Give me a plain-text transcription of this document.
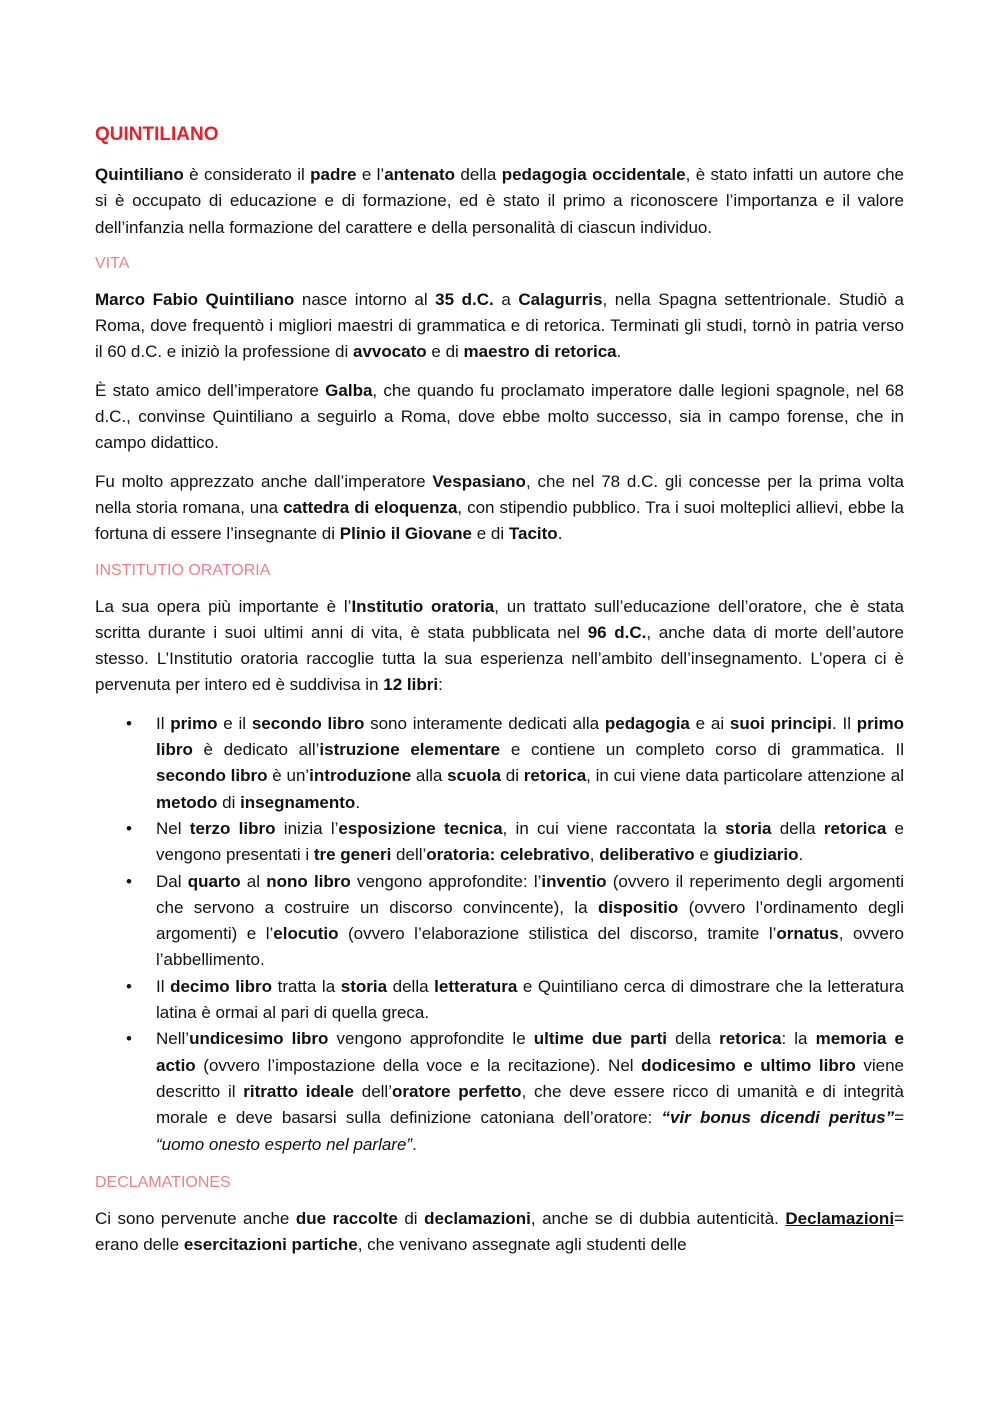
QUINTILIANO

Quintiliano è considerato il padre e l’antenato della pedagogia occidentale, è stato infatti un autore che si è occupato di educazione e di formazione, ed è stato il primo a riconoscere l’importanza e il valore dell’infanzia nella formazione del carattere e della personalità di ciascun individuo.

VITA

Marco Fabio Quintiliano nasce intorno al 35 d.C. a Calagurris, nella Spagna settentrionale. Studiò a Roma, dove frequentò i migliori maestri di grammatica e di retorica. Terminati gli studi, tornò in patria verso il 60 d.C. e iniziò la professione di avvocato e di maestro di retorica.

È stato amico dell’imperatore Galba, che quando fu proclamato imperatore dalle legioni spagnole, nel 68 d.C., convinse Quintiliano a seguirlo a Roma, dove ebbe molto successo, sia in campo forense, che in campo didattico.

Fu molto apprezzato anche dall’imperatore Vespasiano, che nel 78 d.C. gli concesse per la prima volta nella storia romana, una cattedra di eloquenza, con stipendio pubblico. Tra i suoi molteplici allievi, ebbe la fortuna di essere l’insegnante di Plinio il Giovane e di Tacito.

INSTITUTIO ORATORIA

La sua opera più importante è l’Institutio oratoria, un trattato sull’educazione dell’oratore, che è stata scritta durante i suoi ultimi anni di vita, è stata pubblicata nel 96 d.C., anche data di morte dell’autore stesso. L’Institutio oratoria raccoglie tutta la sua esperienza nell’ambito dell’insegnamento. L’opera ci è pervenuta per intero ed è suddivisa in 12 libri:

• Il primo e il secondo libro sono interamente dedicati alla pedagogia e ai suoi principi. Il primo libro è dedicato all’istruzione elementare e contiene un completo corso di grammatica. Il secondo libro è un’introduzione alla scuola di retorica, in cui viene data particolare attenzione al metodo di insegnamento.
• Nel terzo libro inizia l’esposizione tecnica, in cui viene raccontata la storia della retorica e vengono presentati i tre generi dell’oratoria: celebrativo, deliberativo e giudiziario.
• Dal quarto al nono libro vengono approfondite: l’inventio (ovvero il reperimento degli argomenti che servono a costruire un discorso convincente), la dispositio (ovvero l’ordinamento degli argomenti) e l’elocutio (ovvero l’elaborazione stilistica del discorso, tramite l’ornatus, ovvero l’abbellimento.
• Il decimo libro tratta la storia della letteratura e Quintiliano cerca di dimostrare che la letteratura latina è ormai al pari di quella greca.
• Nell’undicesimo libro vengono approfondite le ultime due parti della retorica: la memoria e actio (ovvero l’impostazione della voce e la recitazione). Nel dodicesimo e ultimo libro viene descritto il ritratto ideale dell’oratore perfetto, che deve essere ricco di umanità e di integrità morale e deve basarsi sulla definizione catoniana dell’oratore: “vir bonus dicendi peritus”= “uomo onesto esperto nel parlare”.
DECLAMATIONES

Ci sono pervenute anche due raccolte di declamazioni, anche se di dubbia autenticità. Declamazioni= erano delle esercitazioni partiche, che venivano assegnate agli studenti delle
